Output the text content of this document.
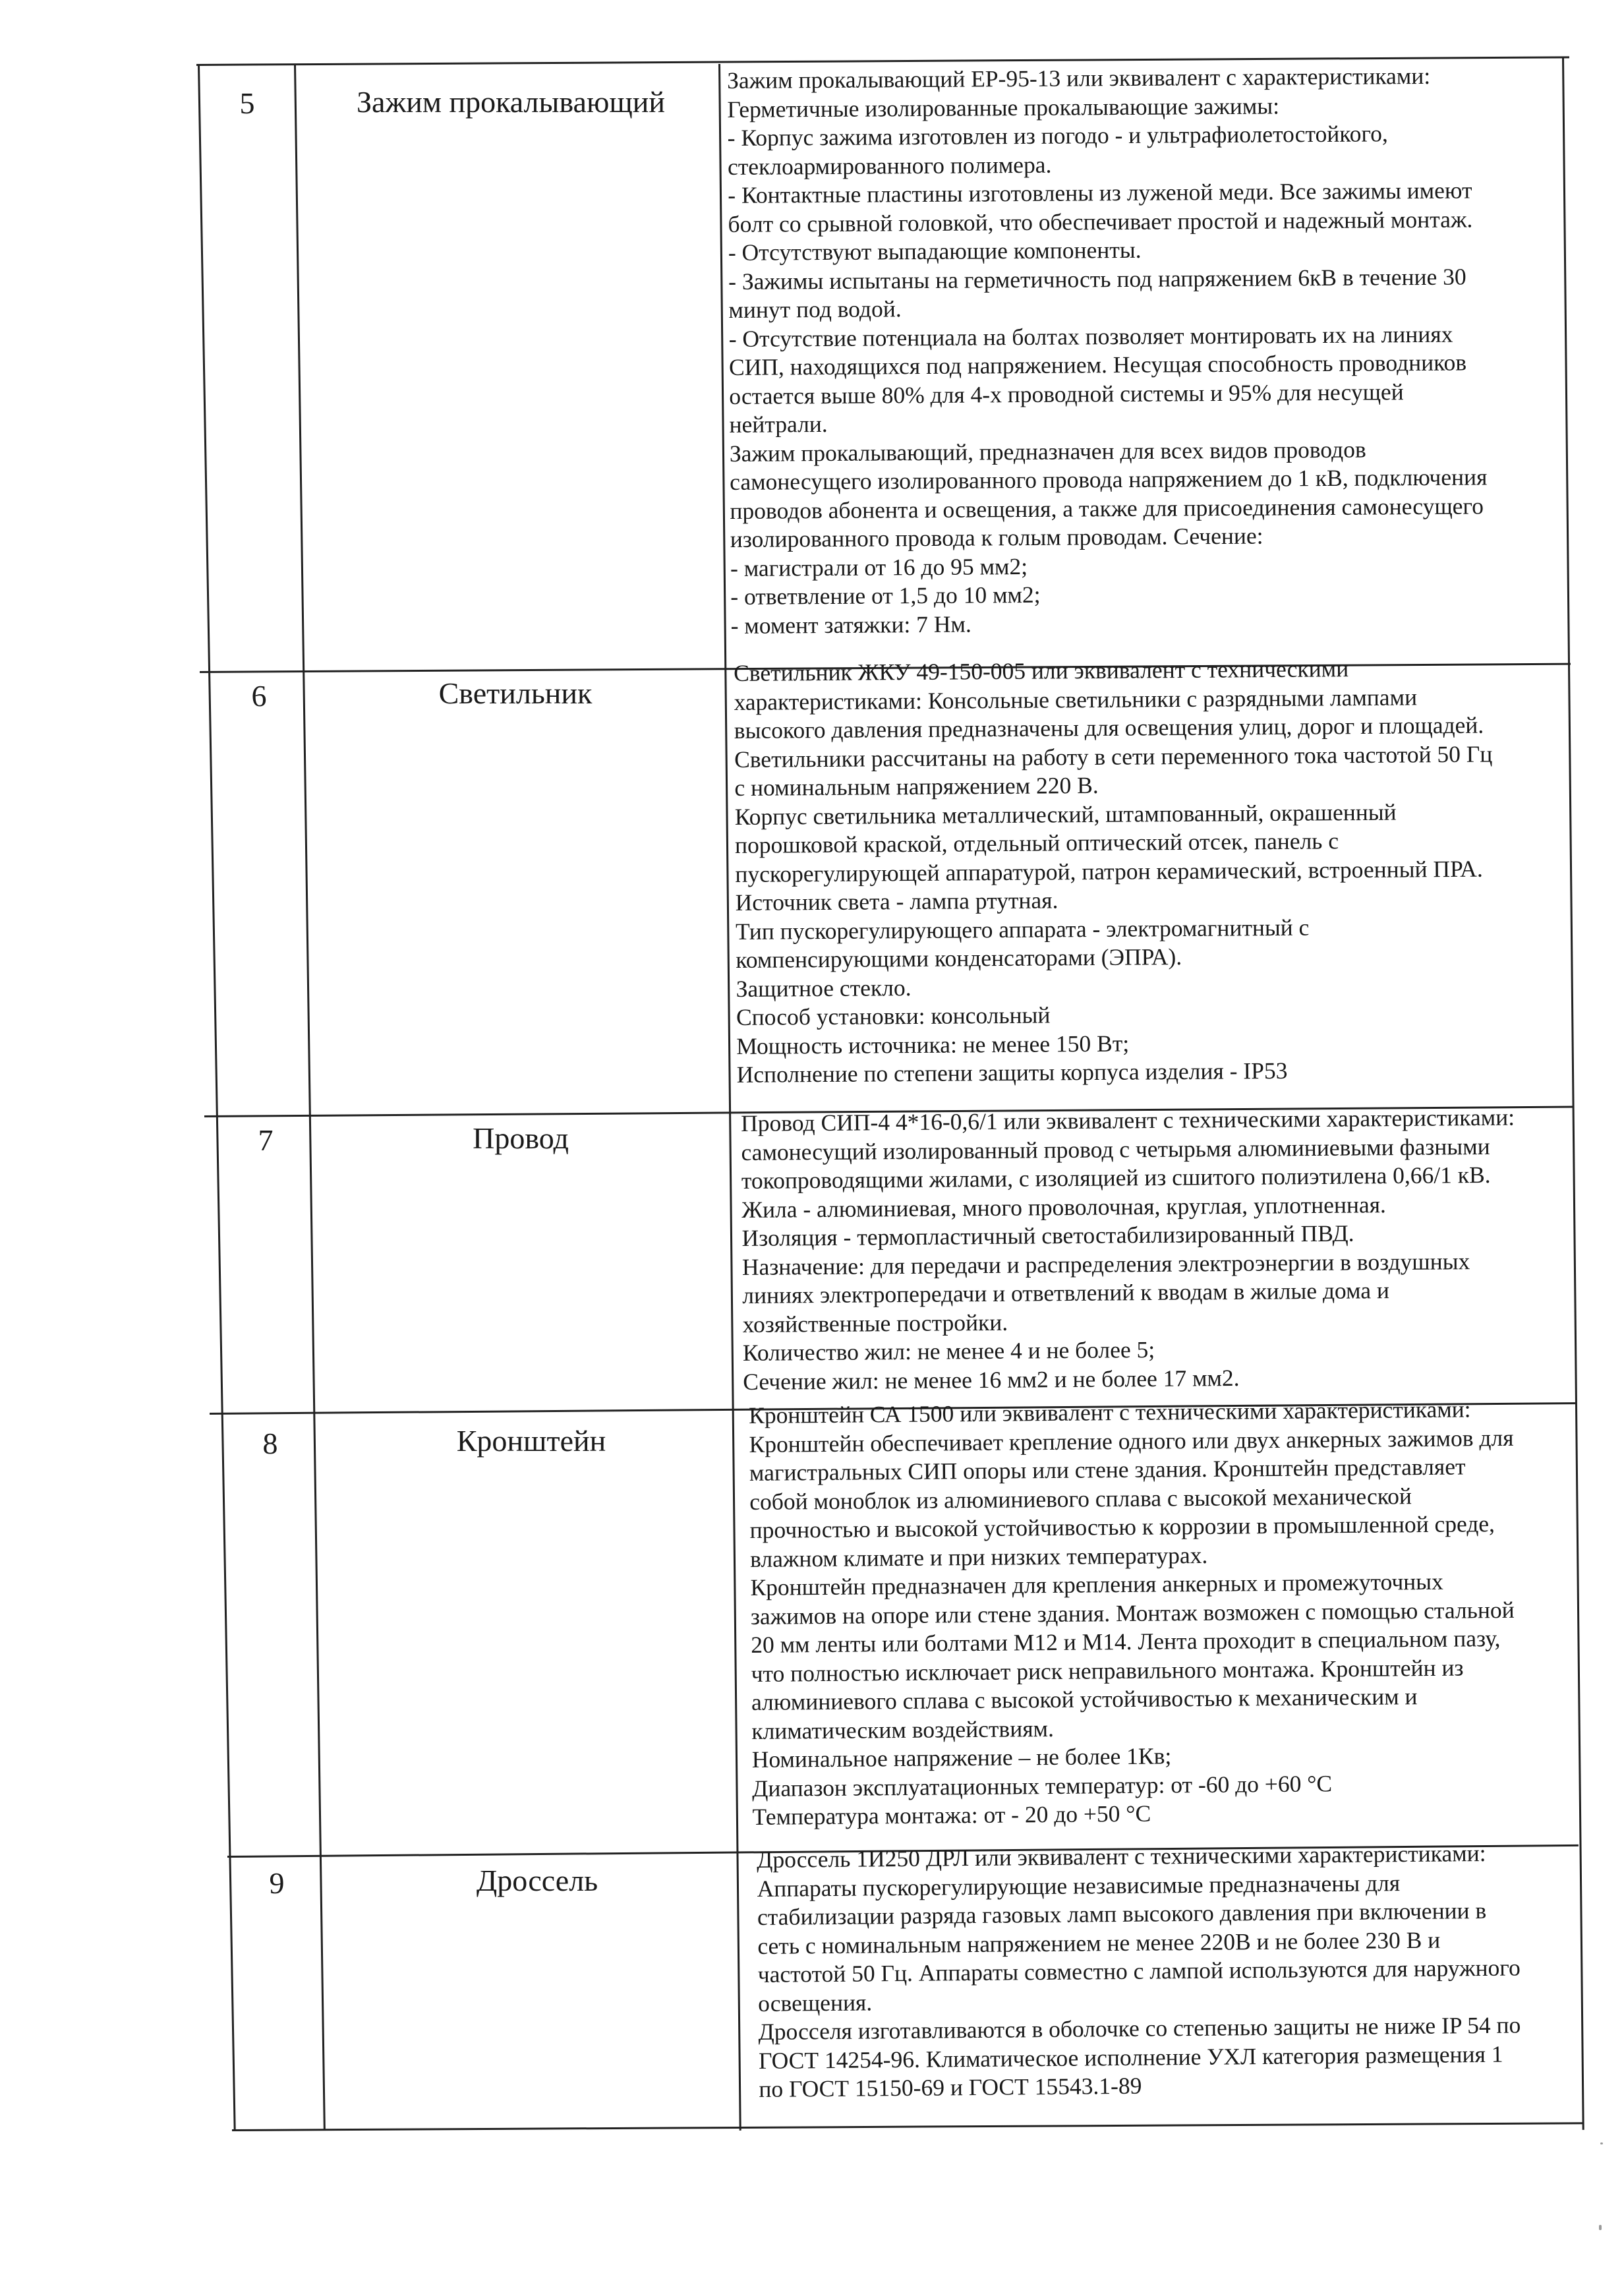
5	Зажим прокалывающий

Зажим прокалывающий ЕР-95-13 или эквивалент с характеристиками:

Герметичные изолированные прокалывающие зажимы:

- Корпус зажима изготовлен из погодо - и ультрафиолетостойкого,

стеклоармированного полимера.

- Контактные пластины изготовлены из луженой меди. Все зажимы имеют

болт со срывной головкой, что обеспечивает простой и надежный монтаж.

- Отсутствуют выпадающие компоненты.

- Зажимы испытаны на герметичность под напряжением 6кВ в течение 30

минут под водой.

- Отсутствие потенциала на болтах позволяет монтировать их на линиях

СИП, находящихся под напряжением. Несущая способность проводников

остается выше 80% для 4-х проводной системы и 95% для несущей

нейтрали.

Зажим прокалывающий, предназначен для всех видов проводов

самонесущего изолированного провода напряжением до 1 кВ, подключения

проводов абонента и освещения, а также для присоединения самонесущего

изолированного провода к голым проводам. Сечение:

- магистрали от 16 до 95 мм2;

- ответвление от 1,5 до 10 мм2;

- момент затяжки: 7 Нм.

6	Светильник

Светильник ЖКУ 49-150-005 или эквивалент с техническими

характеристиками: Консольные светильники с разрядными лампами

высокого давления предназначены для освещения улиц, дорог и площадей.

Светильники рассчитаны на работу в сети переменного тока частотой 50 Гц

с номинальным напряжением 220 В.

Корпус светильника металлический, штампованный, окрашенный

порошковой краской, отдельный оптический отсек, панель с

пускорегулирующей аппаратурой, патрон керамический, встроенный ПРА.

Источник света - лампа ртутная.

Тип пускорегулирующего аппарата - электромагнитный с

компенсирующими конденсаторами (ЭПРА).

Защитное стекло.

Способ установки: консольный

Мощность источника: не менее 150 Вт;

Исполнение по степени защиты корпуса изделия - IP53

7	Провод

Провод СИП-4 4*16-0,6/1 или эквивалент с техническими характеристиками:

самонесущий изолированный провод с четырьмя алюминиевыми фазными

токопроводящими жилами, с изоляцией из сшитого полиэтилена 0,66/1 кВ.

Жила - алюминиевая, много проволочная, круглая, уплотненная.

Изоляция - термопластичный светостабилизированный ПВД.

Назначение: для передачи и распределения электроэнергии в воздушных

линиях электропередачи и ответвлений к вводам в жилые дома и

хозяйственные постройки.

Количество жил: не менее 4 и не более 5;

Сечение жил: не менее 16 мм2 и не более 17 мм2.

8	Кронштейн

Кронштейн СА 1500 или эквивалент с техническими характеристиками:

Кронштейн обеспечивает крепление одного или двух анкерных зажимов для

магистральных СИП опоры или стене здания. Кронштейн представляет

собой моноблок из алюминиевого сплава с высокой механической

прочностью и высокой устойчивостью к коррозии в промышленной среде,

влажном климате и при низких температурах.

Кронштейн предназначен для крепления анкерных и промежуточных

зажимов на опоре или стене здания. Монтаж возможен с помощью стальной

20 мм ленты или болтами М12 и М14. Лента проходит в специальном пазу,

что полностью исключает риск неправильного монтажа. Кронштейн из

алюминиевого сплава с высокой устойчивостью к механическим и

климатическим воздействиям.

Номинальное напряжение – не более 1Кв;

Диапазон эксплуатационных температур: от -60 до +60 °С

Температура монтажа: от - 20 до +50 °С

9	Дроссель

Дроссель 1И250 ДРЛ или эквивалент с техническими характеристиками:

Аппараты пускорегулирующие независимые предназначены для

стабилизации разряда газовых ламп высокого давления при включении в

сеть с номинальным напряжением не менее 220В и не более 230 В и

частотой 50 Гц. Аппараты совместно с лампой используются для наружного

освещения.

Дросселя изготавливаются в оболочке со степенью защиты не ниже IP 54 по

ГОСТ 14254-96. Климатическое исполнение УХЛ категория размещения 1

по ГОСТ 15150-69 и ГОСТ 15543.1-89
